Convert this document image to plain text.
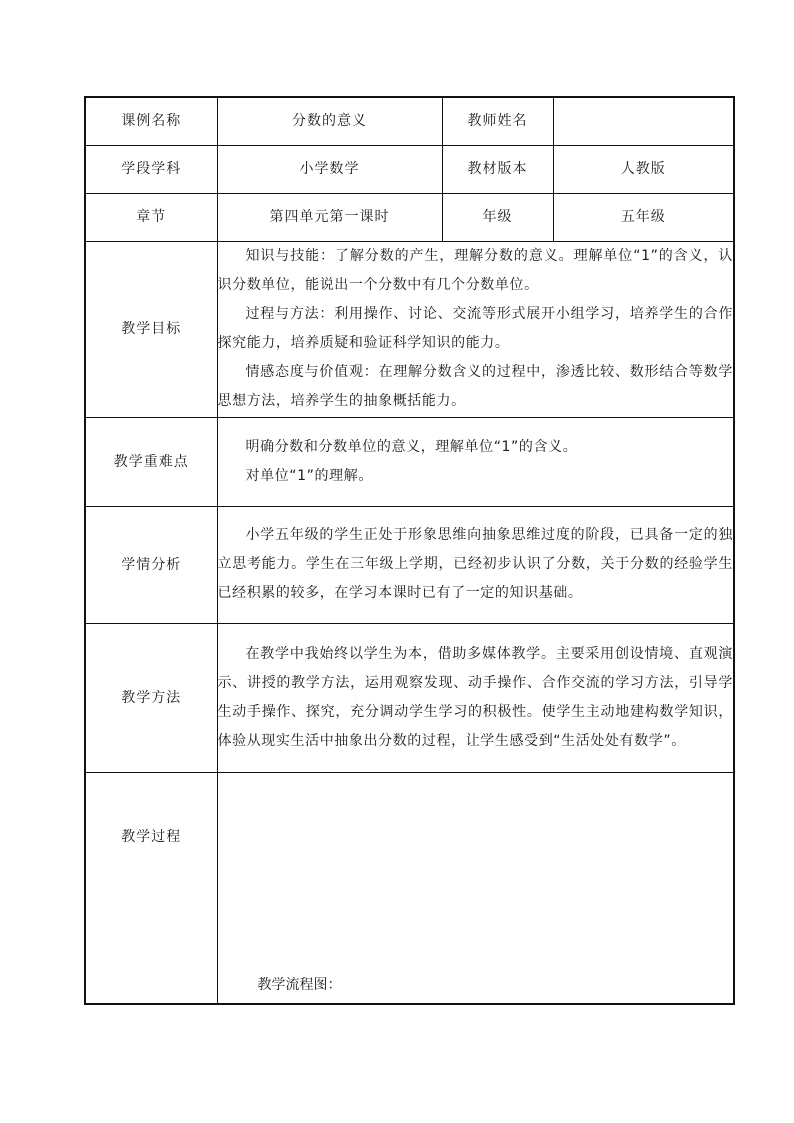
课例名称	分数的意义	教师姓名	
学段学科	小学数学	教材版本	人教版
章节	第四单元第一课时	年级	五年级
教学目标	知识与技能：了解分数的产生，理解分数的意义。理解单位“1”的含义，认识分数单位，能说出一个分数中有几个分数单位。

过程与方法：利用操作、讨论、交流等形式展开小组学习，培养学生的合作探究能力，培养质疑和验证科学知识的能力。

情感态度与价值观：在理解分数含义的过程中，渗透比较、数形结合等数学思想方法，培养学生的抽象概括能力。		

教学重难点	明确分数和分数单位的意义，理解单位“1”的含义。

对单位“1”的理解。		

学情分析	小学五年级的学生正处于形象思维向抽象思维过度的阶段，已具备一定的独立思考能力。学生在三年级上学期，已经初步认识了分数，关于分数的经验学生已经积累的较多，在学习本课时已有了一定的知识基础。		

教学方法	在教学中我始终以学生为本，借助多媒体教学。主要采用创设情境、直观演示、讲授的教学方法，运用观察发现、动手操作、合作交流的学习方法，引导学生动手操作、探究，充分调动学生学习的积极性。使学生主动地建构数学知识，体验从现实生活中抽象出分数的过程，让学生感受到“生活处处有数学”。		

教学过程	教学流程图：		
